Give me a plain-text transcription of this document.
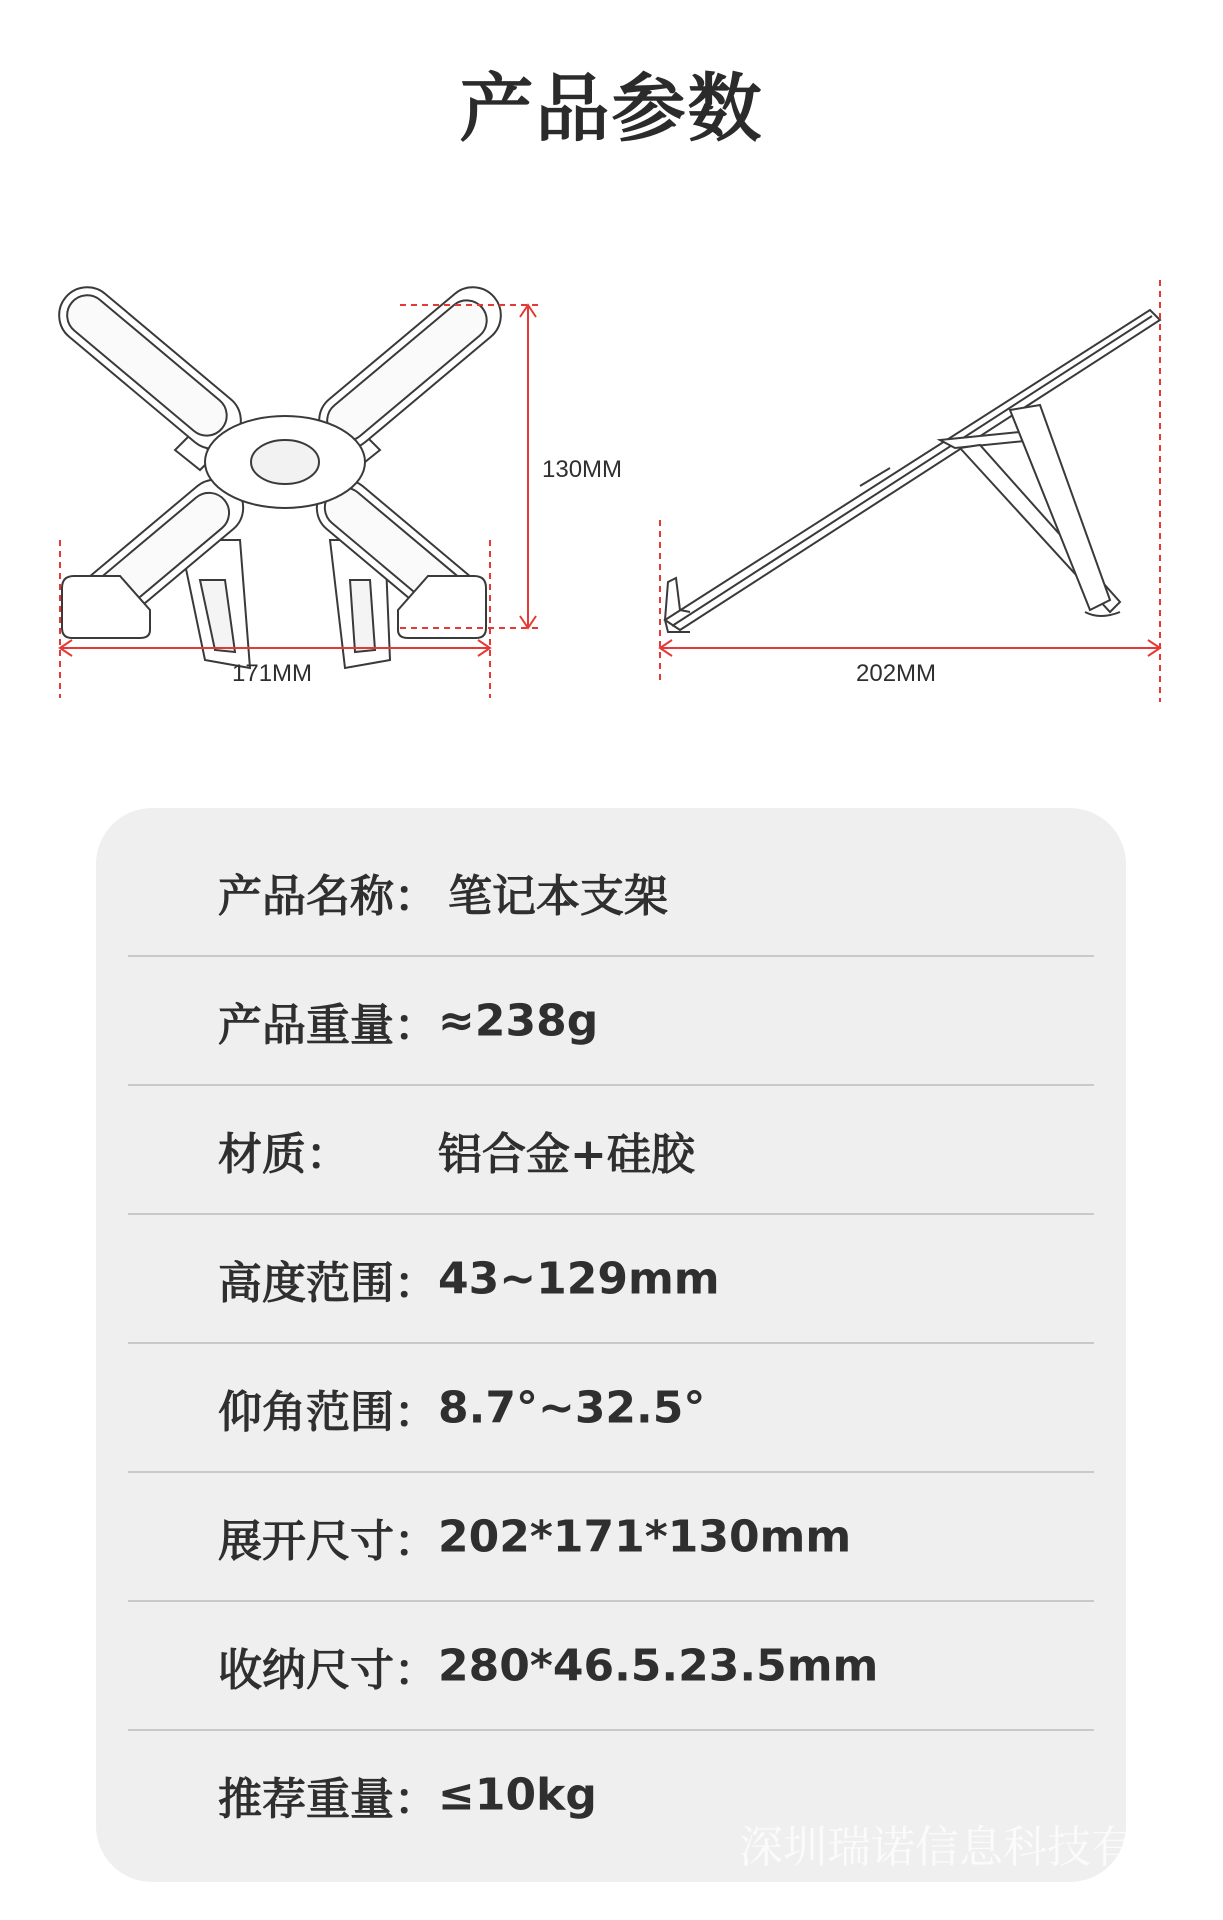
产品参数
171MM
130MM
202MM
产品名称： 笔记本支架
产品重量： ≈238g
材质： 铝合金+硅胶
高度范围： 43~129mm
仰角范围： 8.7°~32.5°
展开尺寸： 202*171*130mm
收纳尺寸： 280*46.5.23.5mm
推荐重量： ≤10kg
深圳瑞诺信息科技有限公
